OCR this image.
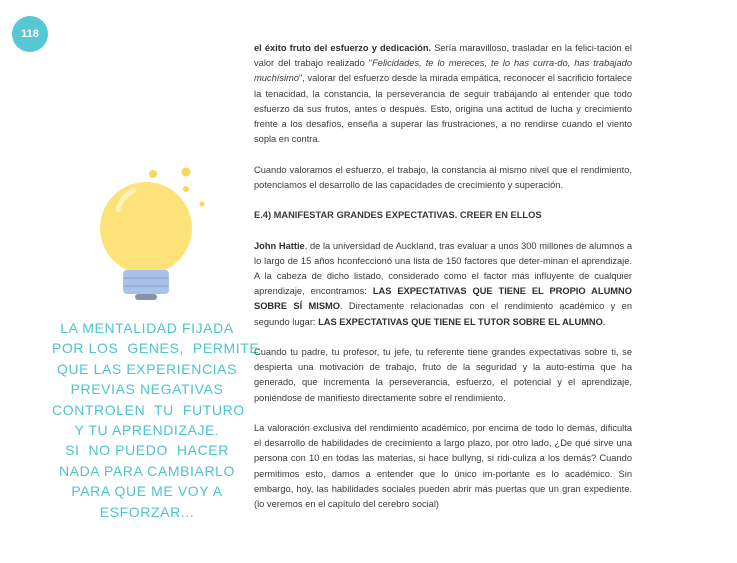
118
LA MENTALIDAD FIJADA
POR LOS  GENES,  PERMITE
QUE LAS EXPERIENCIAS
PREVIAS NEGATIVAS
CONTROLEN  TU  FUTURO
Y TU APRENDIZAJE.
SI  NO PUEDO  HACER
NADA PARA CAMBIARLO
PARA QUE ME VOY A
ESFORZAR...

el éxito fruto del esfuerzo y dedicación. Sería maravilloso, trasladar en la felici-tación el valor del trabajo realizado "Felicidades, te lo mereces, te lo has curra-do, has trabajado muchísimo", valorar del esfuerzo desde la mirada empática, reconocer el sacrificio fortalece la tenacidad, la constancia, la perseverancia de seguir trabajando al entender que todo esfuerzo da sus frutos, antes o después. Esto, origina una actitud de lucha y crecimiento frente a los desafíos, enseña a superar las frustraciones, a no rendirse cuando el viento sopla en contra.

Cuando valoramos el esfuerzo, el trabajo, la constancia al mismo nivel que el rendimiento, potenciamos el desarrollo de las capacidades de crecimiento y superación.

E.4) MANIFESTAR GRANDES EXPECTATIVAS. CREER EN ELLOS

John Hattie, de la universidad de Auckland, tras evaluar a unos 300 millones de alumnos a lo largo de 15 años hconfeccionó una lista de 150 factores que deter-minan el aprendizaje. A la cabeza de dicho listado, considerado como el factor más influyente de cualquier aprendizaje, encontramos: LAS EXPECTATIVAS QUE TIENE EL PROPIO ALUMNO SOBRE SÍ MISMO. Directamente relacionadas con el rendimiento académico y en segundo lugar: LAS EXPECTATIVAS QUE TIENE EL TUTOR SOBRE EL ALUMNO.

Cuando tu padre, tu profesor, tu jefe, tu referente tiene grandes expectativas sobre ti, se despierta una motivación de trabajo, fruto de la seguridad y la auto-estima que ha generado, que incrementa la perseverancia, esfuerzo, el potencial y el aprendizaje, poniéndose de manifiesto directamente sobre el rendimiento.

La valoración exclusiva del rendimiento académico, por encima de todo lo demás, dificulta el desarrollo de habilidades de crecimiento a largo plazo, por otro lado, ¿De qué sirve una persona con 10 en todas las materias, si hace bullyng, si ridi-culiza a los demás? Cuando permitimos esto, damos a entender que lo único im-portante es lo académico. Sin embargo, hoy, las habilidades sociales pueden abrir más puertas que un gran expediente. (lo veremos en el capítulo del cerebro social)
